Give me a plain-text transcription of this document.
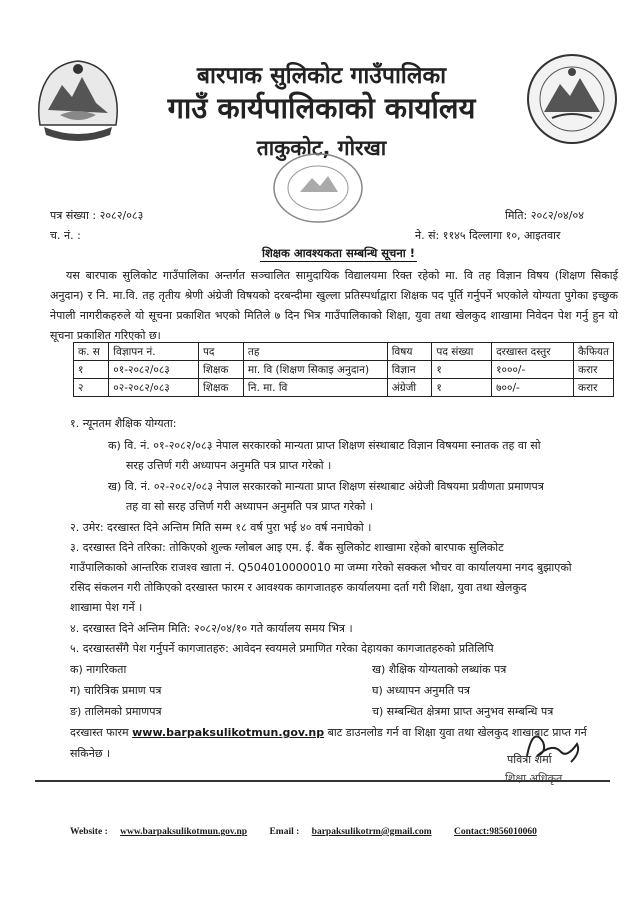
बारपाक सुलिकोट गाउँपालिका
गाउँ कार्यपालिकाको कार्यालय
ताकुकोट, गोरखा
पत्र संख्या : २०८२/०८३
च. नं. :
मिति: २०८२/०४/०४
ने. सं: ११४५ दिल्लागा १०, आइतवार
शिक्षक आवश्यकता सम्बन्धि सूचना !
यस बारपाक सुलिकोट गाउँपालिका अन्तर्गत सञ्चालित सामुदायिक विद्यालयमा रिक्त रहेको मा. वि तह विज्ञान विषय (शिक्षण सिकाई अनुदान) र नि. मा.वि. तह तृतीय श्रेणी अंग्रेजी विषयको दरबन्दीमा खुल्ला प्रतिस्पर्धाद्वारा शिक्षक पद पूर्ति गर्नुपर्ने भएकोले योग्यता पुगेका इच्छुक नेपाली नागरीकहरुले यो सूचना प्रकाशित भएको मितिले ७ दिन भित्र गाउँपालिकाको शिक्षा, युवा तथा खेलकुद शाखामा निवेदन पेश गर्नु हुन यो सूचना प्रकाशित गरिएको छ।
क. स	विज्ञापन नं.	पद	तह	विषय	पद संख्या	दरखास्त दस्तुर	कैफियत
१	०१-२०८२/०८३	शिक्षक	मा. वि (शिक्षण सिकाइ अनुदान)	विज्ञान	१	१०००/-	करार
२	०२-२०८२/०८३	शिक्षक	नि. मा. वि	अंग्रेजी	१	७००/-	करार
१. न्यूनतम शैक्षिक योग्यता:
क) वि. नं. ०१-२०८२/०८३ नेपाल सरकारको मान्यता प्राप्त शिक्षण संस्थाबाट विज्ञान विषयमा स्नातक तह वा सो
सरह उत्तिर्ण गरी अध्यापन अनुमति पत्र प्राप्त गरेको ।
ख) वि. नं. ०२-२०८२/०८३ नेपाल सरकारको मान्यता प्राप्त शिक्षण संस्थाबाट अंग्रेजी विषयमा प्रवीणता प्रमाणपत्र
तह वा सो सरह उत्तिर्ण गरी अध्यापन अनुमति पत्र प्राप्त गरेको ।
२. उमेर: दरखास्त दिने अन्तिम मिति सम्म १८ वर्ष पुरा भई ४० वर्ष ननाघेको ।
३. दरखास्त दिने तरिका: तोकिएको शुल्क ग्लोबल आइ एम. ई. बैंक सुलिकोट शाखामा रहेको बारपाक सुलिकोट
गाउँपालिकाको आन्तरिक राजश्व खाता नं. Q504010000010 मा जम्मा गरेको सक्कल भौचर वा कार्यालयमा नगद बुझाएको
रसिद संकलन गरी तोकिएको दरखास्त फारम र आवश्यक कागजातहरु कार्यालयमा दर्ता गरी शिक्षा, युवा तथा खेलकुद
शाखामा पेश गर्ने ।
४. दरखास्त दिने अन्तिम मिति: २०८२/०४/१० गते कार्यालय समय भित्र ।
५. दरखास्तसँगै पेश गर्नुपर्ने कागजातहरु: आवेदन स्वयमले प्रमाणित गरेका देहायका कागजातहरुको प्रतिलिपि
क) नागरिकता	ख) शैक्षिक योग्यताको लब्धांक पत्र
ग) चारित्रिक प्रमाण पत्र	घ) अध्यापन अनुमति पत्र
ङ) तालिमको प्रमाणपत्र	च) सम्बन्धित क्षेत्रमा प्राप्त अनुभव सम्बन्धि पत्र
दरखास्त फारम www.barpaksulikotmun.gov.np बाट डाउनलोड गर्न वा शिक्षा युवा तथा खेलकुद शाखाबाट प्राप्त गर्न
सकिनेछ ।	पवित्रा शर्मा
शिक्षा अधिकृत
Website : www.barpaksulikotmun.gov.np Email : barpaksulikotrm@gmail.com Contact:9856010060
